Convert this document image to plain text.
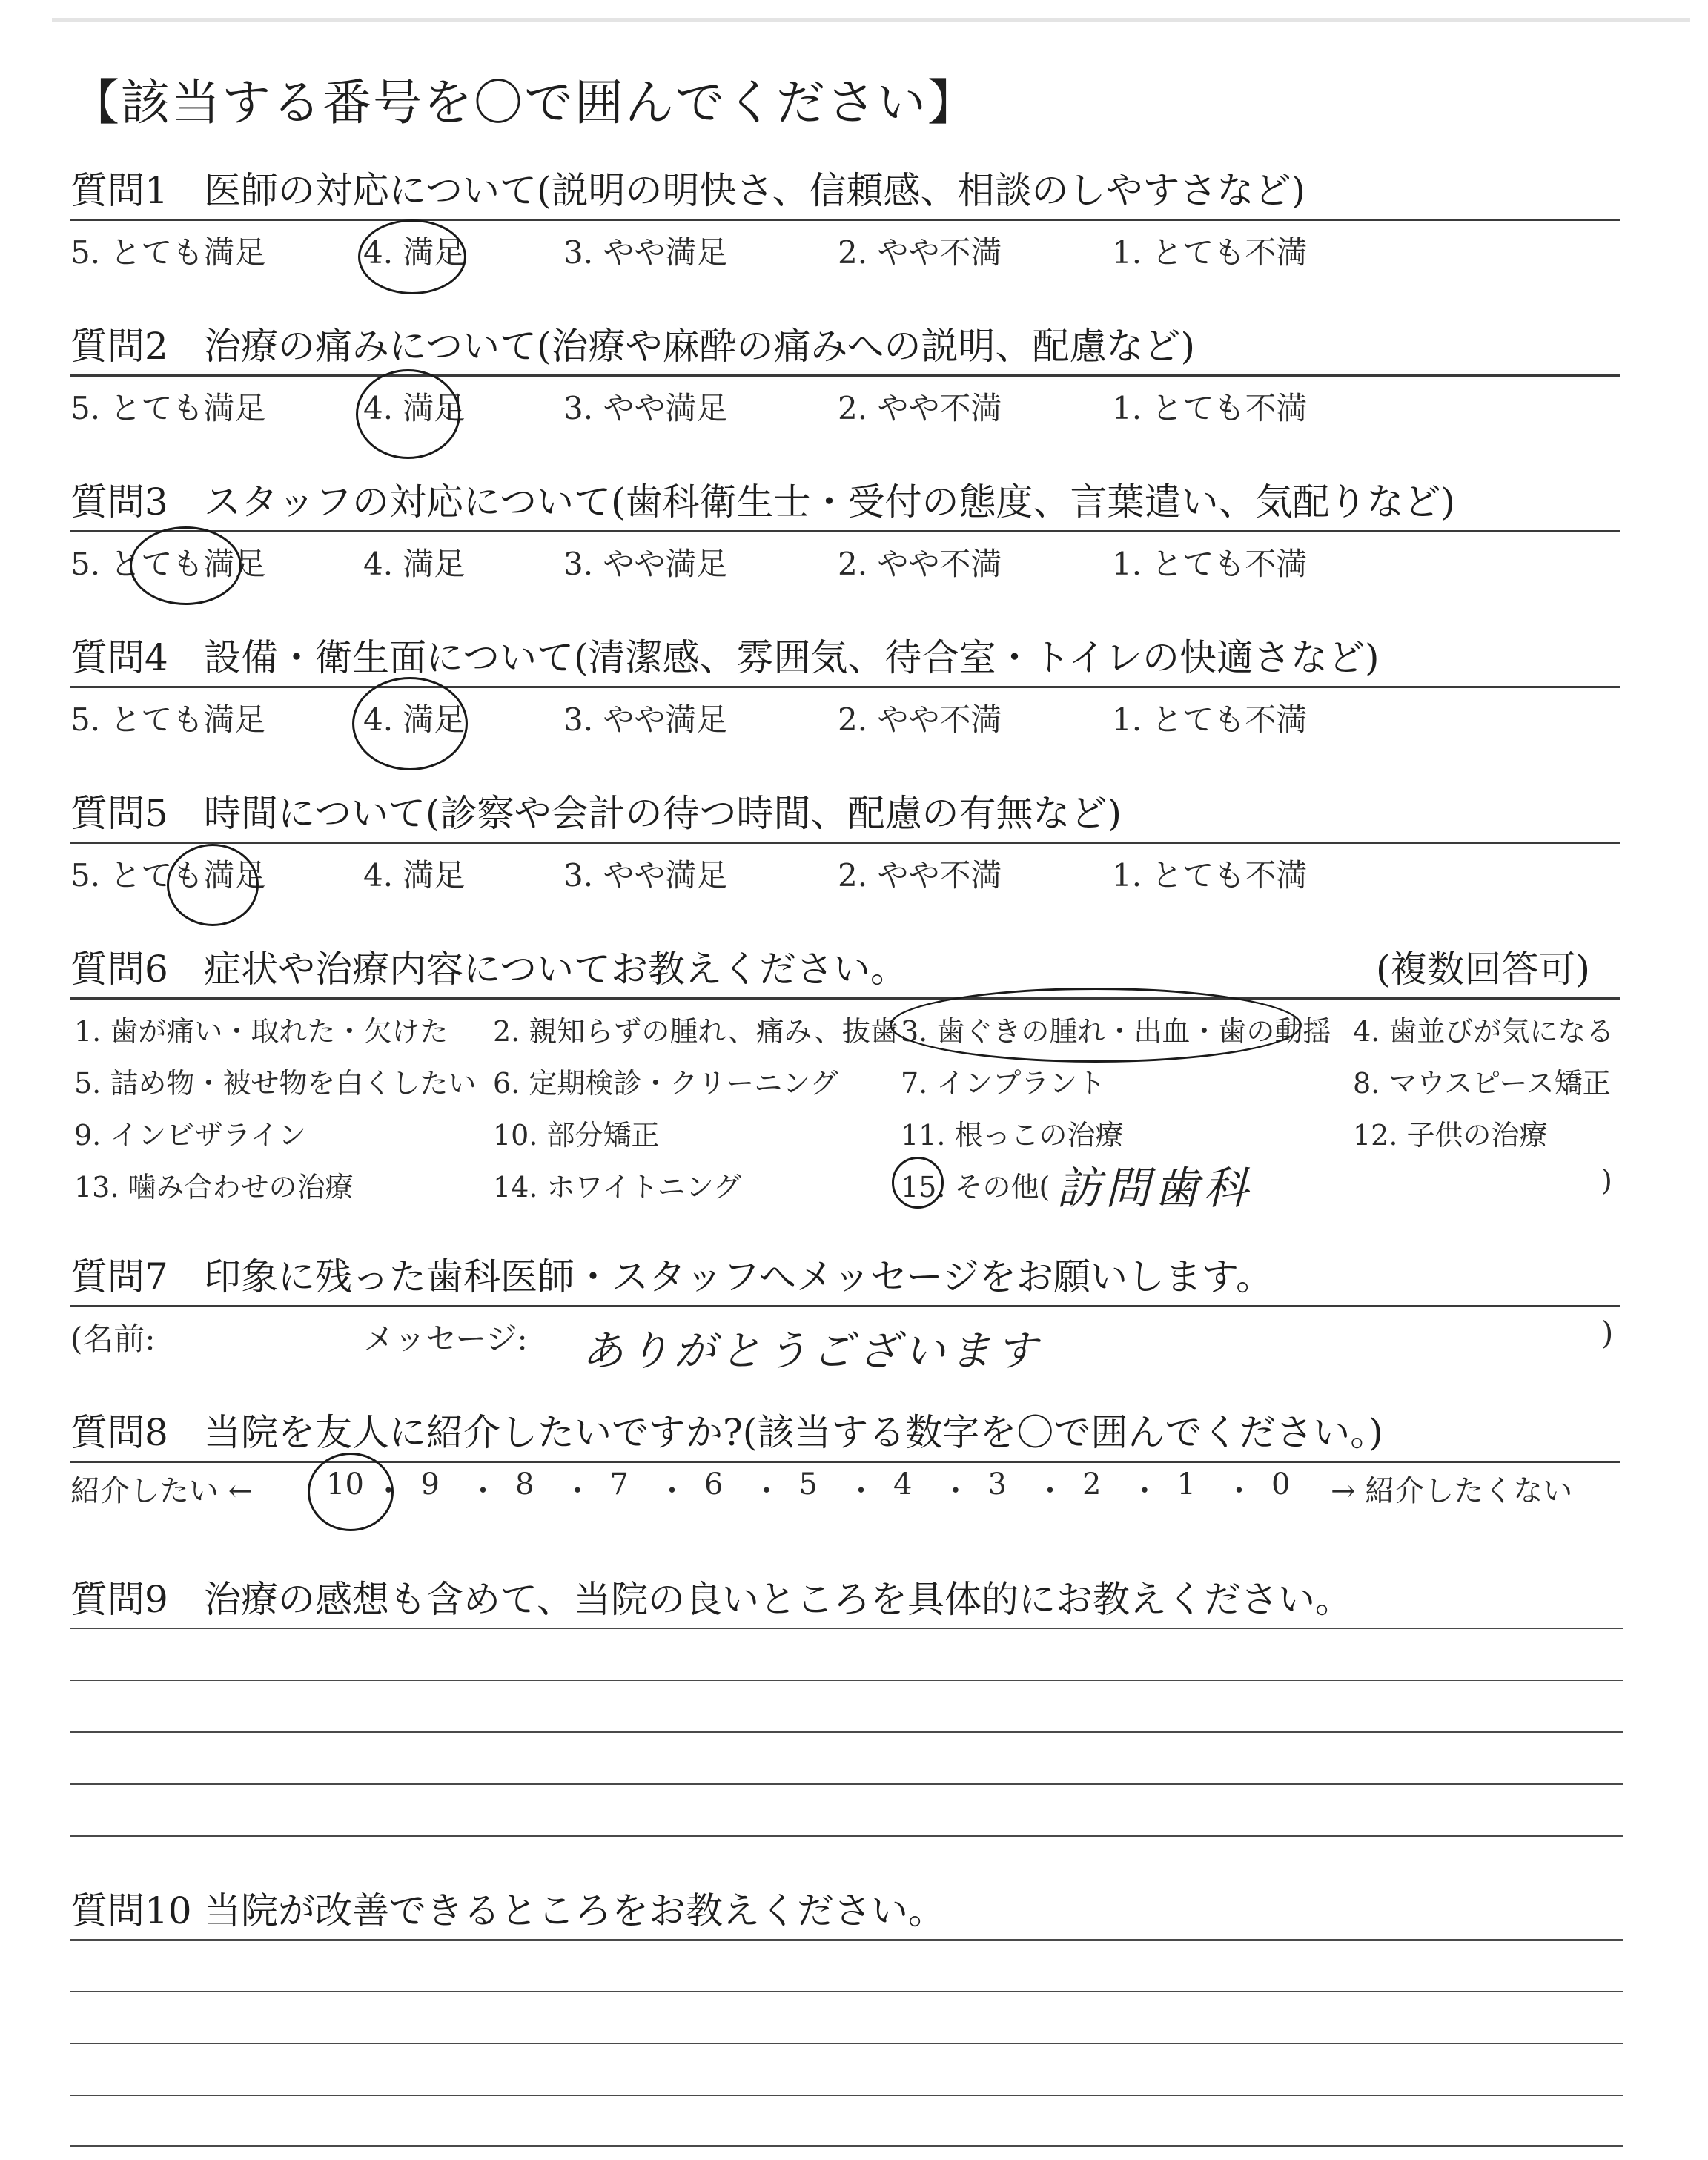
【該当する番号を〇で囲んでください】
質問1 医師の対応について(説明の明快さ、信頼感、相談のしやすさなど)
5. とても満足	4. 満足	3. やや満足	2. やや不満	1. とても不満
質問2 治療の痛みについて(治療や麻酔の痛みへの説明、配慮など)
5. とても満足	4. 満足	3. やや満足	2. やや不満	1. とても不満
質問3 スタッフの対応について(歯科衛生士・受付の態度、言葉遣い、気配りなど)
5. とても満足	4. 満足	3. やや満足	2. やや不満	1. とても不満
質問4 設備・衛生面について(清潔感、雰囲気、待合室・トイレの快適さなど)
5. とても満足	4. 満足	3. やや満足	2. やや不満	1. とても不満
質問5 時間について(診察や会計の待つ時間、配慮の有無など)
5. とても満足	4. 満足	3. やや満足	2. やや不満	1. とても不満
質問6 症状や治療内容についてお教えください。	(複数回答可)
1. 歯が痛い・取れた・欠けた 2. 親知らずの腫れ、痛み、抜歯 3. 歯ぐきの腫れ・出血・歯の動揺 4. 歯並びが気になる
5. 詰め物・被せ物を白くしたい 6. 定期検診・クリーニング 7. インプラント	8. マウスピース矯正
9. インビザライン	10. 部分矯正	11. 根っこの治療	12. 子供の治療
13. 噛み合わせの治療	14. ホワイトニング	15. その他( 訪問歯科	)
質問7 印象に残った歯科医師・スタッフへメッセージをお願いします。
(名前:	メッセージ: ありがとうございます	)
質問8 当院を友人に紹介したいですか?(該当する数字を〇で囲んでください。)
紹介したい ←	→ 紹介したくない
10 ・ 9 ・ 8 ・ 7 ・ 6 ・ 5 ・ 4 ・ 3 ・ 2 ・ 1 ・ 0
質問9 治療の感想も含めて、当院の良いところを具体的にお教えください。
質問10 当院が改善できるところをお教えください。
